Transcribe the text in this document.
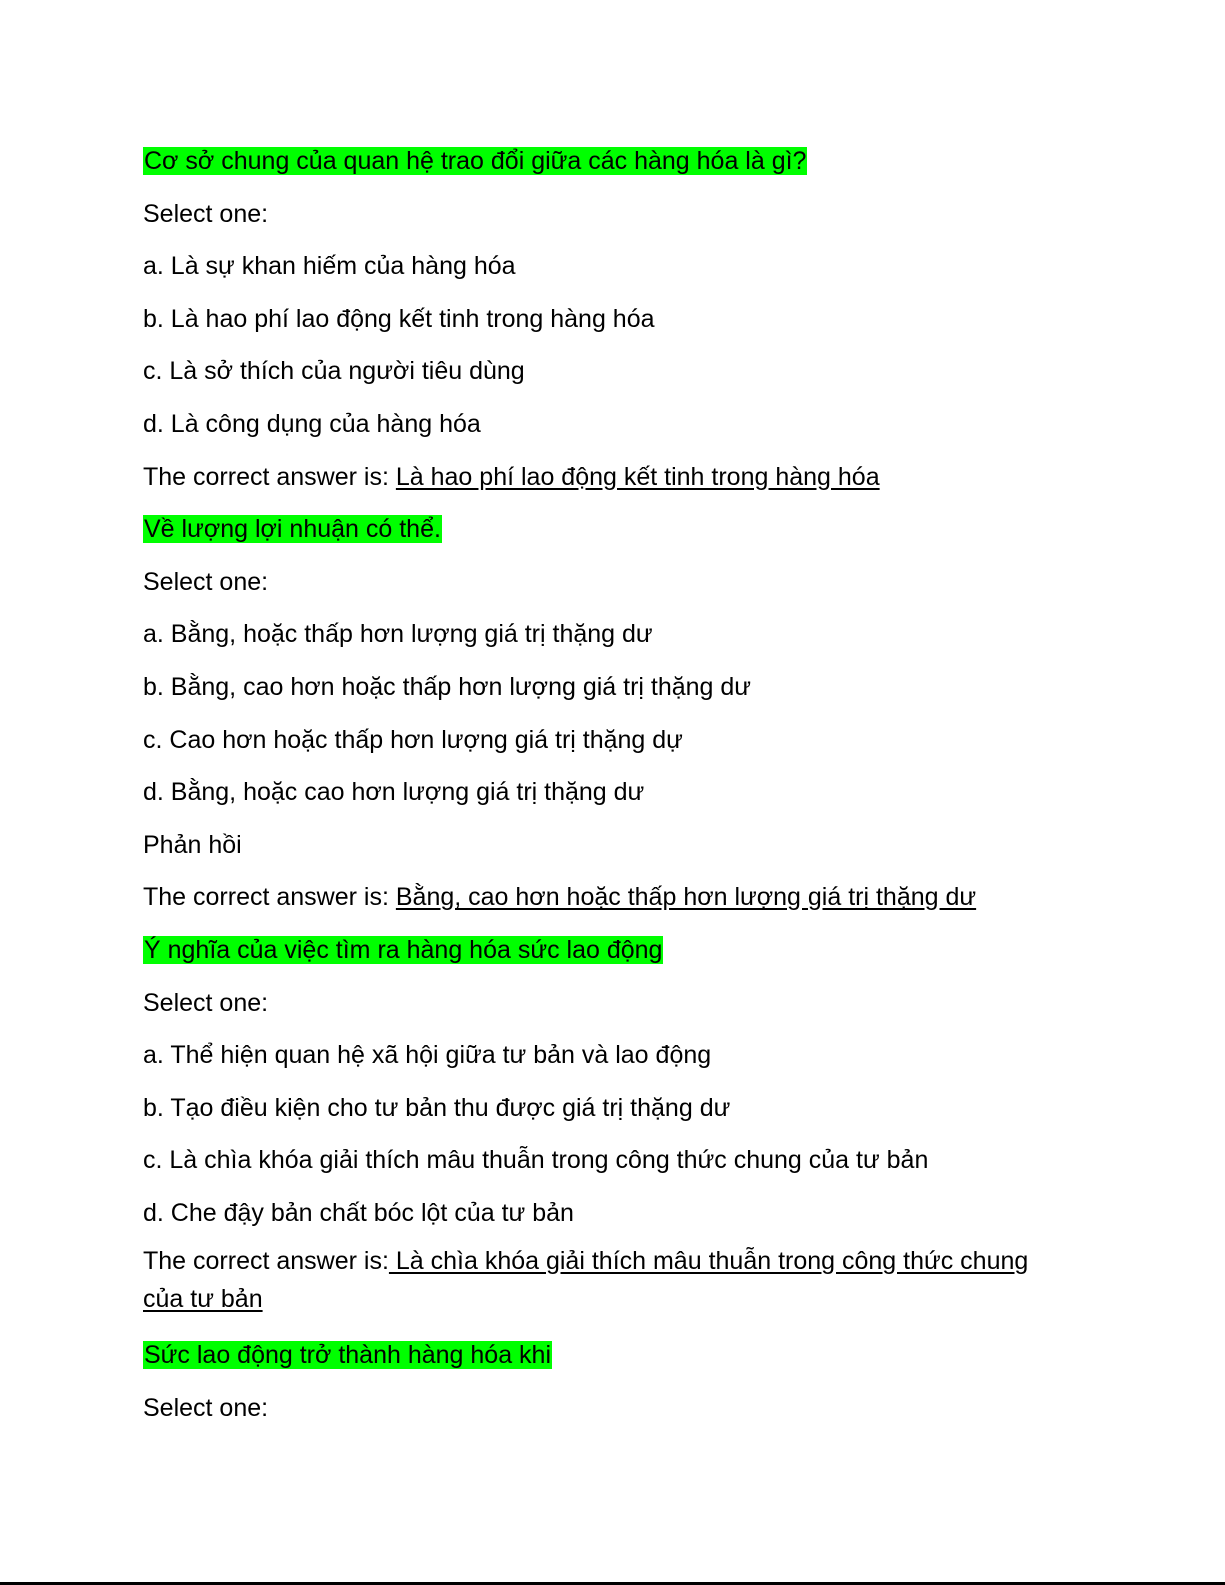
Cơ sở chung của quan hệ trao đổi giữa các hàng hóa là gì?
Select one:
a. Là sự khan hiếm của hàng hóa
b. Là hao phí lao động kết tinh trong hàng hóa
c. Là sở thích của người tiêu dùng
d. Là công dụng của hàng hóa
The correct answer is: Là hao phí lao động kết tinh trong hàng hóa
Về lượng lợi nhuận có thể.
Select one:
a. Bằng, hoặc thấp hơn lượng giá trị thặng dư
b. Bằng, cao hơn hoặc thấp hơn lượng giá trị thặng dư
c. Cao hơn hoặc thấp hơn lượng giá trị thặng dự
d. Bằng, hoặc cao hơn lượng giá trị thặng dư
Phản hồi
The correct answer is: Bằng, cao hơn hoặc thấp hơn lượng giá trị thặng dư
Ý nghĩa của việc tìm ra hàng hóa sức lao động
Select one:
a. Thể hiện quan hệ xã hội giữa tư bản và lao động
b. Tạo điều kiện cho tư bản thu được giá trị thặng dư
c. Là chìa khóa giải thích mâu thuẫn trong công thức chung của tư bản
d. Che đậy bản chất bóc lột của tư bản
The correct answer is: Là chìa khóa giải thích mâu thuẫn trong công thức chung của tư bản
Sức lao động trở thành hàng hóa khi
Select one:
